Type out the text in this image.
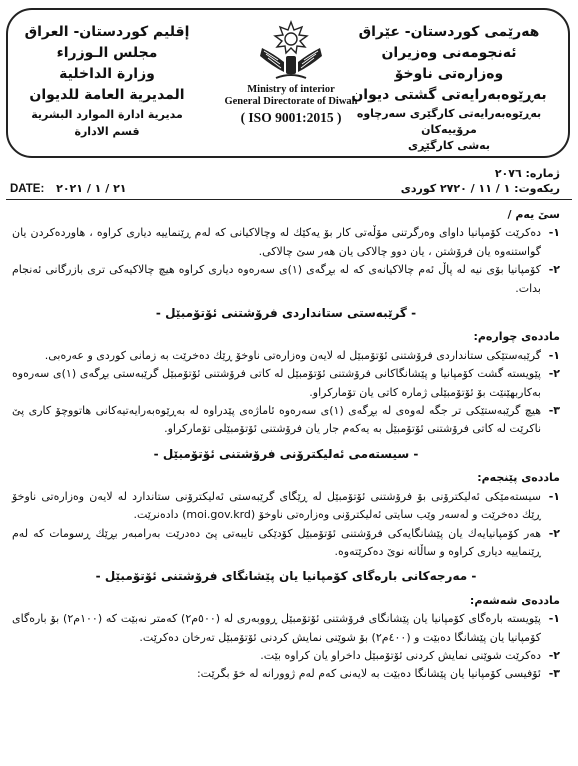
هەرێمی کوردستان- عێراق
ئەنجومەنی وەزیران
وەزارەتی ناوخۆ
بەڕێوەبەرایەتی گشتی دیوان
بەڕێوەبەرایەتی کارگێری سەرچاوە مرۆییەکان
بەشی کارگێڕی
Ministry of interior
General Directorate of Diwan
( ISO 9001:2015 )
إقليم كوردستان- العراق
مجلس الـوزراء
وزارة الداخلية
المديرية العامة للديوان
مديرية ادارة الموارد البشرية
قسم الادارة
ژمارە: ٢٠٧٦
ریکەوت: ١ / ١١ / ٢٧٢٠ کوردی
DATE: ٢١ / ١ / ٢٠٢١

سێ یەم /

١-
دەکرێت کۆمپانیا داوای وەرگرتنی مۆڵەتی کار بۆ یەکێك لە وچالاکیانی کە لەم ڕێنماییە دیاری کراوە ، هاوردەکردن یان گواستنەوە یان فرۆشتن ، یان دوو چالاکی یان هەر سێ چالاکی.
٢-
کۆمپانیا بۆی نیە لە پاڵ ئەم چالاکیانەی کە لە بڕگەی (١)ی سەرەوە دیاری کراوە هیچ چالاکیەکی تری بازرگانی ئەنجام بدات.
- گرێبەستی ستانداردی فرۆشتنی ئۆتۆمبێل -

ماددەی چوارەم:

١-
گرێبەستێکی ستانداردی فرۆشتنی ئۆتۆمبێل لە لایەن وەزارەتی ناوخۆ ڕێك دەخرێت بە زمانی کوردی و عەرەبی.
٢-
پێویستە گشت کۆمپانیا و پێشانگاکانی فرۆشتنی ئۆتۆمبێل لە کاتی فرۆشتنی ئۆتۆمبێل گرێبەستی بڕگەی (١)ی سەرەوە بەکاربهێنێت بۆ ئۆتۆمبێلی ژمارە کاتی یان تۆمارکراو.
٣-
هیچ گرێبەستێکی تر جگە لەوەی لە بڕگەی (١)ی سەرەوە ئاماژەی پێدراوە لە بەڕێوەبەرایەتیەکانی هاتووچۆ کاری پێ ناکرێت لە کاتی فرۆشتنی ئۆتۆمبێل بە یەکەم جار یان فرۆشتنی ئۆتۆمبێلی تۆمارکراو.
- سیستەمی ئەلیکترۆنی فرۆشتنی ئۆتۆمبێل -

ماددەی پێنجەم:

١-
سیستەمێکی ئەلیکترۆنی بۆ فرۆشتنی ئۆتۆمبێل لە ڕێگای گرێبەستی ئەلیکترۆنی ستاندارد لە لایەن وەزارەتی ناوخۆ ڕێك دەخرێت و لەسەر وێب سایتی ئەلیکترۆنی وەزارەتی ناوخۆ (moi.gov.krd) دادەنرێت.
٢-
هەر کۆمپانیایەك یان پێشانگایەکی فرۆشتنی ئۆتۆمبێل کۆدێکی تایبەتی پێ دەدرێت بەرامبەر بڕێك ڕسومات کە لەم ڕێنماییە دیاری کراوە و ساڵانە نوێ دەکرێتەوە.
- مەرجەکانی بارەگای کۆمپانیا یان پێشانگای فرۆشتنی ئۆتۆمبێل -

ماددەی شەشەم:

١-
پێویستە بارەگای کۆمپانیا یان پێشانگای فرۆشتنی ئۆتۆمبێل ڕووبەری لە (٥٠٠م٢) کەمتر نەبێت کە (١٠٠م٢) بۆ بارەگای کۆمپانیا یان پێشانگا دەبێت و (٤٠٠م٢) بۆ شوێنی نمایش کردنی ئۆتۆمبێل تەرخان دەکرێت.
٢-
دەکرێت شوێنی نمایش کردنی ئۆتۆمبێل داخراو یان کراوە بێت.
٣-
ئۆفیسی کۆمپانیا یان پێشانگا دەبێت بە لایەنی کەم لەم ژوورانە لە خۆ بگرێت:
